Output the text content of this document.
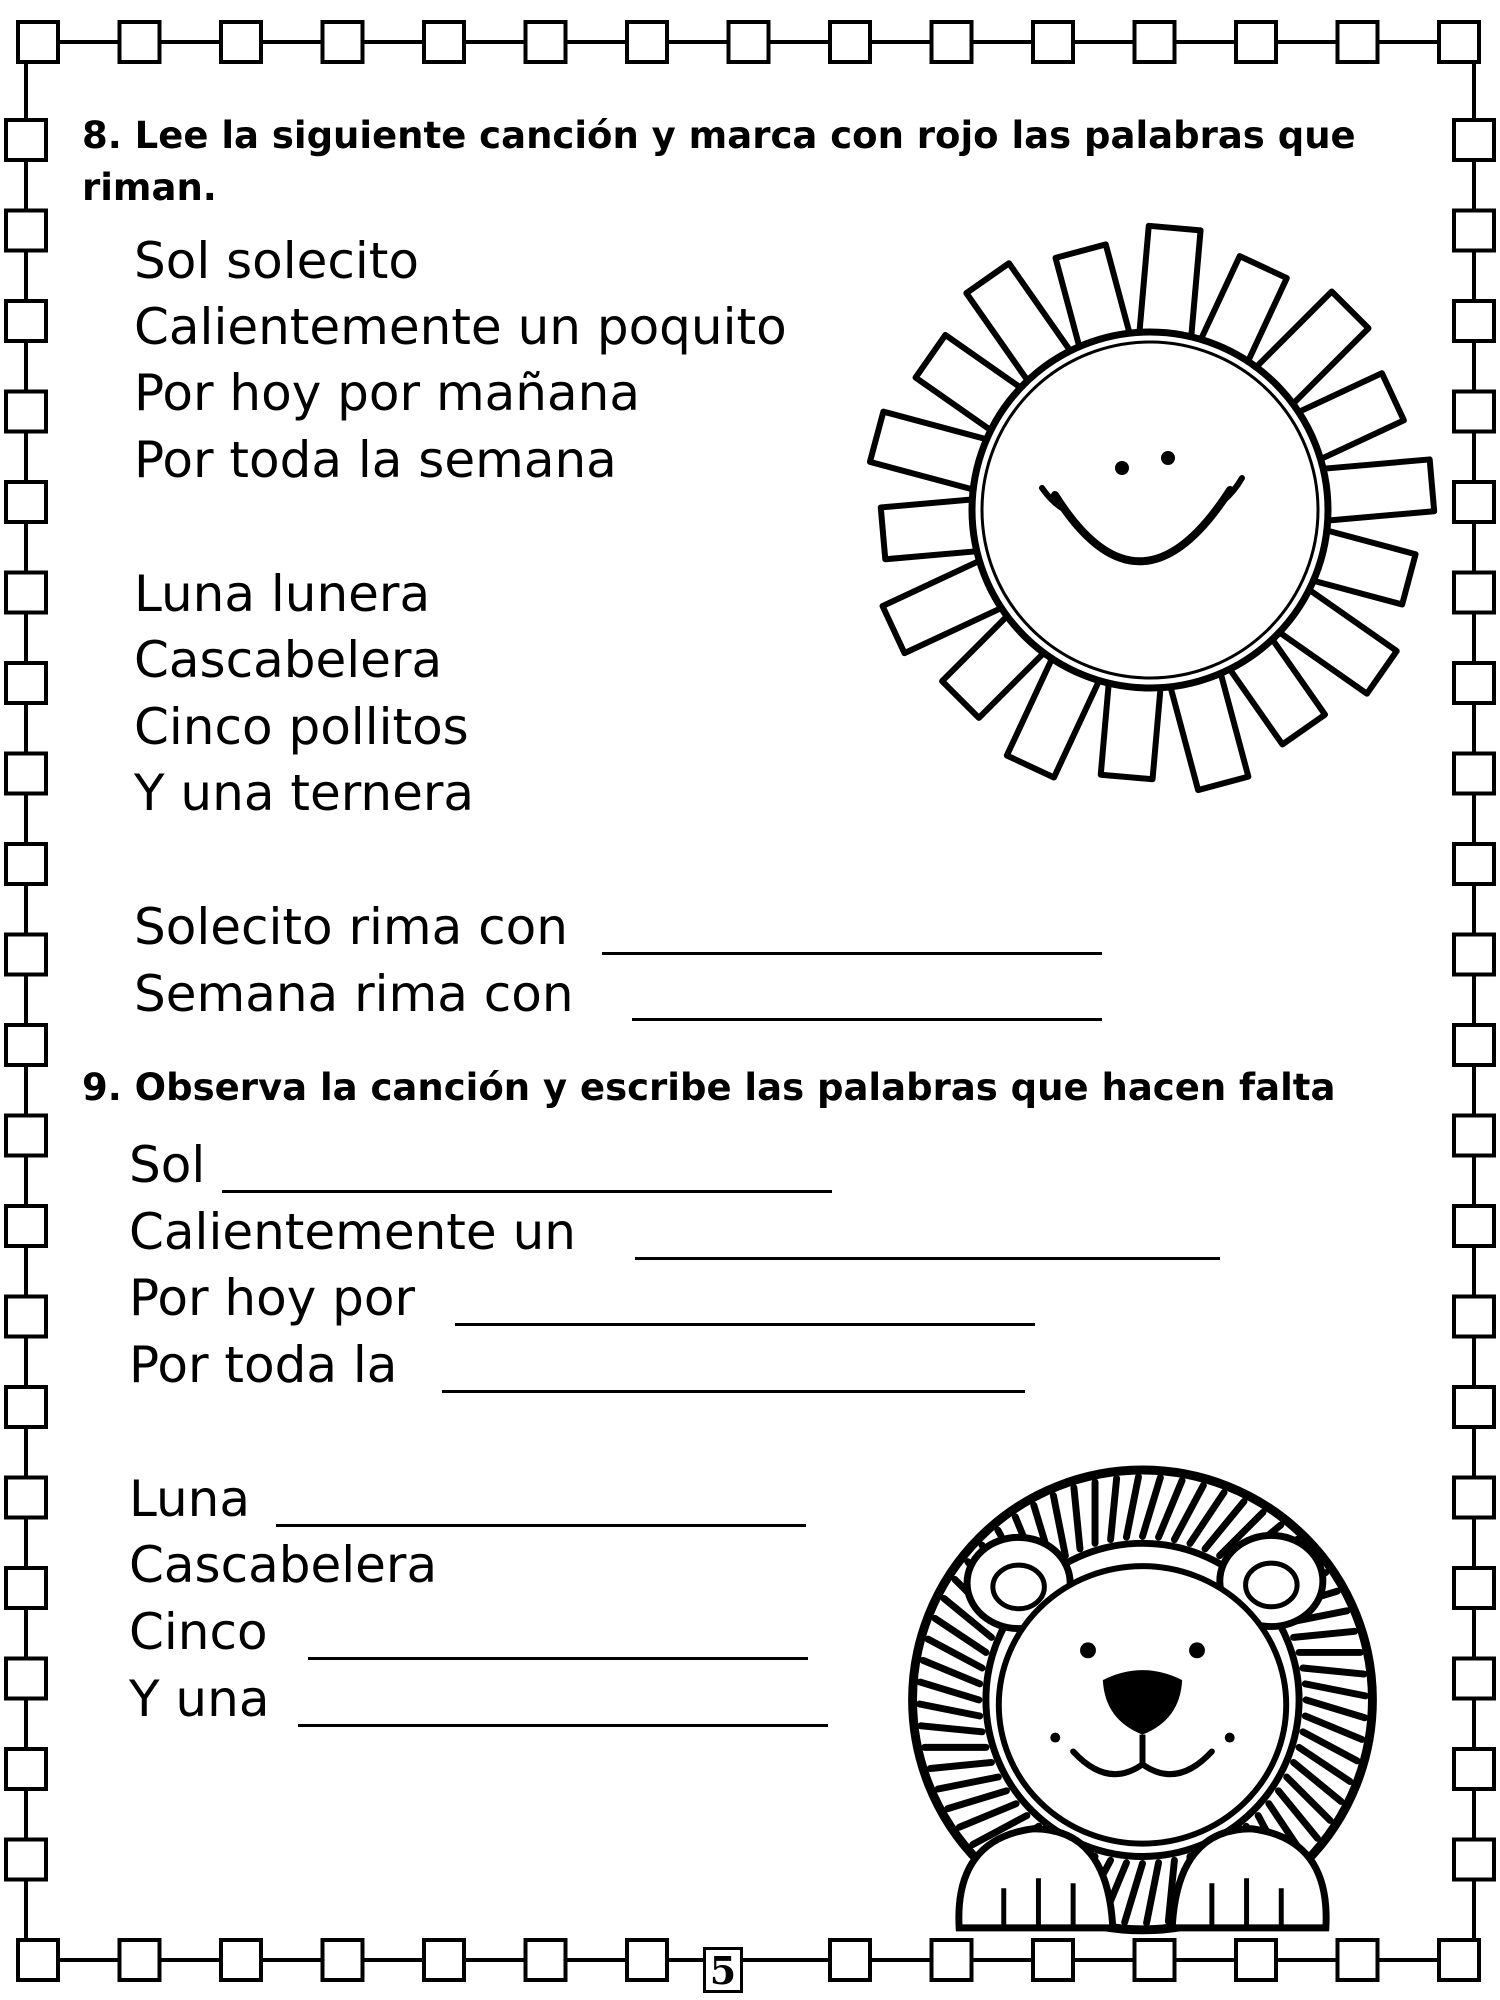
8. Lee la siguiente canción y marca con rojo las palabras que
riman.
Sol solecito
Calientemente un poquito
Por hoy por mañana
Por toda la semana
Luna lunera
Cascabelera
Cinco pollitos
Y una ternera
Solecito rima con
Semana rima con
9. Observa la canción y escribe las palabras que hacen falta
Sol
Calientemente un
Por hoy por
Por toda la
Luna
Cascabelera
Cinco
Y una
5
